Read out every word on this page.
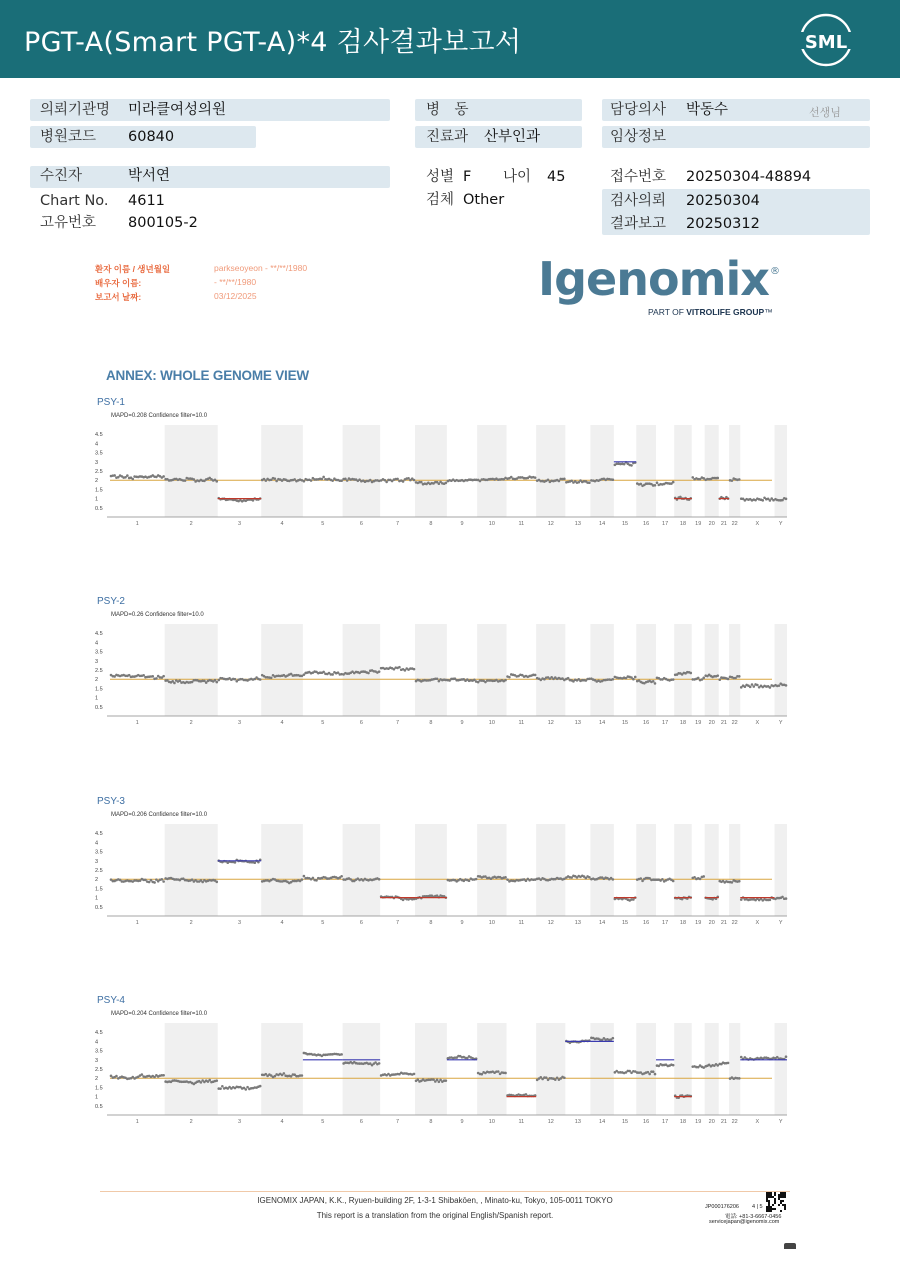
PGT-A(Smart PGT-A)*4 검사결과보고서	SML
의뢰기관명 미라클여성의원
병원코드 60840
병　동
진료과 산부인과
담당의사 박동수
임상정보
수진자	박서연
Chart No. 4611
고유번호 800105-2
성별 F 나이 45
검체 Other
접수번호 20250304-48894
검사의뢰 20250304
결과보고 20250312
선생님
환자 이름 / 생년월일	parkseoyeon - **/**/1980
배우자 이름:	- **/**/1980
보고서 날짜:	03/12/2025	Igenomix ®
PART OF VITROLIFE GROUP™
ANNEX: WHOLE GENOME VIEW
PSY-1
MAPD=0.208 Confidence filter=10.0
4.5
4
3.5
3
2.5
2
1.5
1
0.5
1	2	3	4	5	6	7	8	9	10	11	12	13	14	15	16 17 18 19 20 21 22	X	Y
PSY-2
MAPD=0.26 Confidence filter=10.0
4.5
4
3.5
3
2.5
2
1.5
1
0.5
1	2	3	4	5	6	7	8	9	10	11	12	13	14	15	16 17 18 19 20 21 22	X	Y
PSY-3
MAPD=0.206 Confidence filter=10.0
4.5
4
3.5
3
2.5
2
1.5
1
0.5
1	2	3	4	5	6	7	8	9	10	11	12	13	14	15	16 17 18 19 20 21 22	X	Y
PSY-4
MAPD=0.204 Confidence filter=10.0
4.5
4
3.5
3
2.5
2
1.5
1
0.5
1	2	3	4	5	6	7	8	9	10	11	12	13	14	15	16 17 18 19 20 21 22	X	Y
IGENOMIX JAPAN, K.K., Ryuen-building 2F, 1-3-1 Shibakōen, , Minato-ku, Tokyo, 105-0011 TOKYO
This report is a translation from the original English/Spanish report.
JP000176206 4 | 5
電話: +81-3-6667-0456
servicejapan@igenomix.com
